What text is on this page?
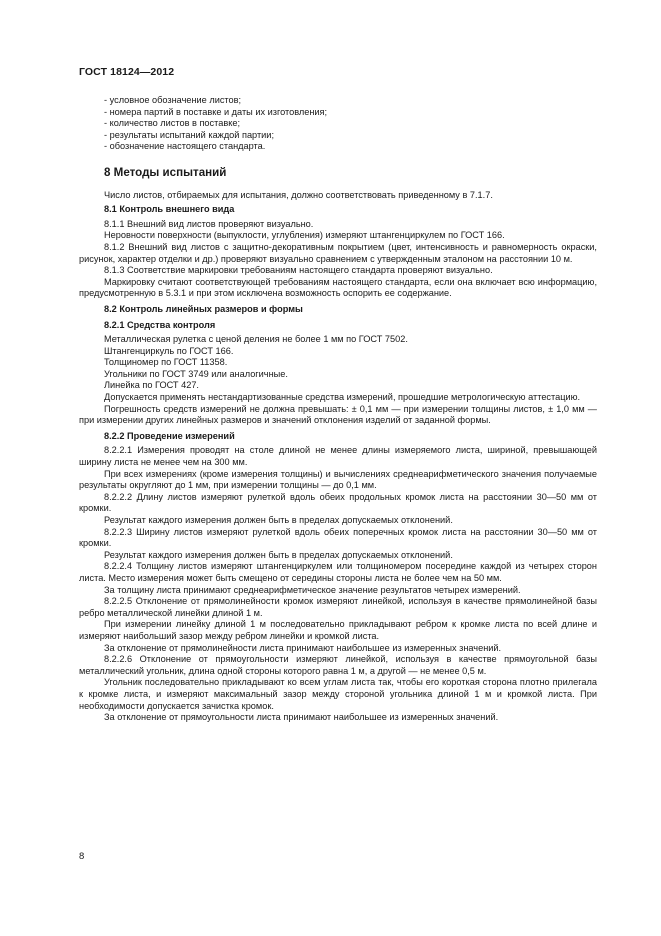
ГОСТ 18124—2012

- условное обозначение листов;

- номера партий в поставке и даты их изготовления;

- количество листов в поставке;

- результаты испытаний каждой партии;

- обозначение настоящего стандарта.

8 Методы испытаний

Число листов, отбираемых для испытания, должно соответствовать приведенному в 7.1.7.

8.1 Контроль внешнего вида

8.1.1 Внешний вид листов проверяют визуально.

Неровности поверхности (выпуклости, углубления) измеряют штангенциркулем по ГОСТ 166.

8.1.2 Внешний вид листов с защитно-декоративным покрытием (цвет, интенсивность и равномерность окраски, рисунок, характер отделки и др.) проверяют визуально сравнением с утвержденным эталоном на расстоянии 10 м.

8.1.3 Соответствие маркировки требованиям настоящего стандарта проверяют визуально.

Маркировку считают соответствующей требованиям настоящего стандарта, если она включает всю информацию, предусмотренную в 5.3.1 и при этом исключена возможность оспорить ее содержание.

8.2 Контроль линейных размеров и формы

8.2.1 Средства контроля

Металлическая рулетка с ценой деления не более 1 мм по ГОСТ 7502.

Штангенциркуль по ГОСТ 166.

Толщиномер по ГОСТ 11358.

Угольники по ГОСТ 3749 или аналогичные.

Линейка по ГОСТ 427.

Допускается применять нестандартизованные средства измерений, прошедшие метрологическую аттестацию.

Погрешность средств измерений не должна превышать: ± 0,1 мм — при измерении толщины листов, ± 1,0 мм — при измерении других линейных размеров и значений отклонения изделий от заданной формы.

8.2.2 Проведение измерений

8.2.2.1 Измерения проводят на столе длиной не менее длины измеряемого листа, шириной, превышающей ширину листа не менее чем на 300 мм.

При всех измерениях (кроме измерения толщины) и вычислениях среднеарифметического значения получаемые результаты округляют до 1 мм, при измерении толщины — до 0,1 мм.

8.2.2.2 Длину листов измеряют рулеткой вдоль обеих продольных кромок листа на расстоянии 30—50 мм от кромки.

Результат каждого измерения должен быть в пределах допускаемых отклонений.

8.2.2.3 Ширину листов измеряют рулеткой вдоль обеих поперечных кромок листа на расстоянии 30—50 мм от кромки.

Результат каждого измерения должен быть в пределах допускаемых отклонений.

8.2.2.4 Толщину листов измеряют штангенциркулем или толщиномером посередине каждой из четырех сторон листа. Место измерения может быть смещено от середины стороны листа не более чем на 50 мм.

За толщину листа принимают среднеарифметическое значение результатов четырех измерений.

8.2.2.5 Отклонение от прямолинейности кромок измеряют линейкой, используя в качестве прямолинейной базы ребро металлической линейки длиной 1 м.

При измерении линейку длиной 1 м последовательно прикладывают ребром к кромке листа по всей длине и измеряют наибольший зазор между ребром линейки и кромкой листа.

За отклонение от прямолинейности листа принимают наибольшее из измеренных значений.

8.2.2.6 Отклонение от прямоугольности измеряют линейкой, используя в качестве прямоугольной базы металлический угольник, длина одной стороны которого равна 1 м, а другой — не менее 0,5 м.

Угольник последовательно прикладывают ко всем углам листа так, чтобы его короткая сторона плотно прилегала к кромке листа, и измеряют максимальный зазор между стороной угольника длиной 1 м и кромкой листа. При необходимости допускается зачистка кромок.

За отклонение от прямоугольности листа принимают наибольшее из измеренных значений.

8
